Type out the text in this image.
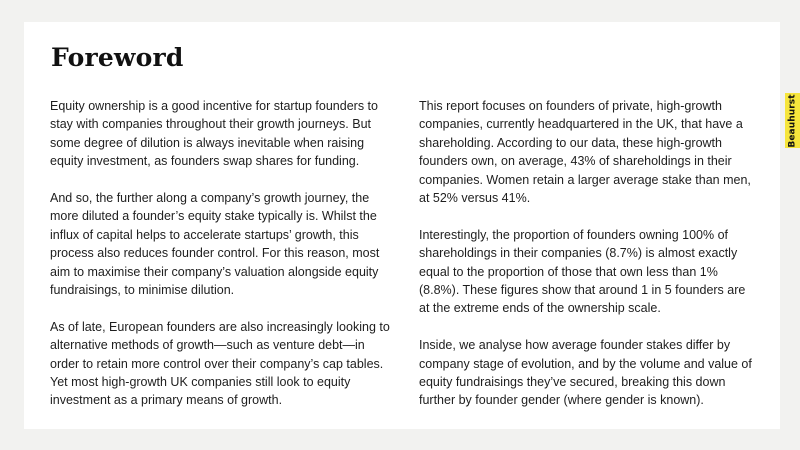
Foreword

Equity ownership is a good incentive for startup founders to stay with companies throughout their growth journeys. But some degree of dilution is always inevitable when raising equity investment, as founders swap shares for funding.

And so, the further along a company’s growth journey, the more diluted a founder’s equity stake typically is. Whilst the influx of capital helps to accelerate startups’ growth, this process also reduces founder control. For this reason, most aim to maximise their company’s valuation alongside equity fundraisings, to minimise dilution.

As of late, European founders are also increasingly looking to alternative methods of growth—such as venture debt—in order to retain more control over their company’s cap tables. Yet most high-growth UK companies still look to equity investment as a primary means of growth.

This report focuses on founders of private, high-growth companies, currently headquartered in the UK, that have a shareholding. According to our data, these high-growth founders own, on average, 43% of shareholdings in their companies. Women retain a larger average stake than men, at 52% versus 41%.

Interestingly, the proportion of founders owning 100% of shareholdings in their companies (8.7%) is almost exactly equal to the proportion of those that own less than 1% (8.8%). These figures show that around 1 in 5 founders are at the extreme ends of the ownership scale.

Inside, we analyse how average founder stakes differ by company stage of evolution, and by the volume and value of equity fundraisings they’ve secured, breaking this down further by founder gender (where gender is known).

Beauhurst
